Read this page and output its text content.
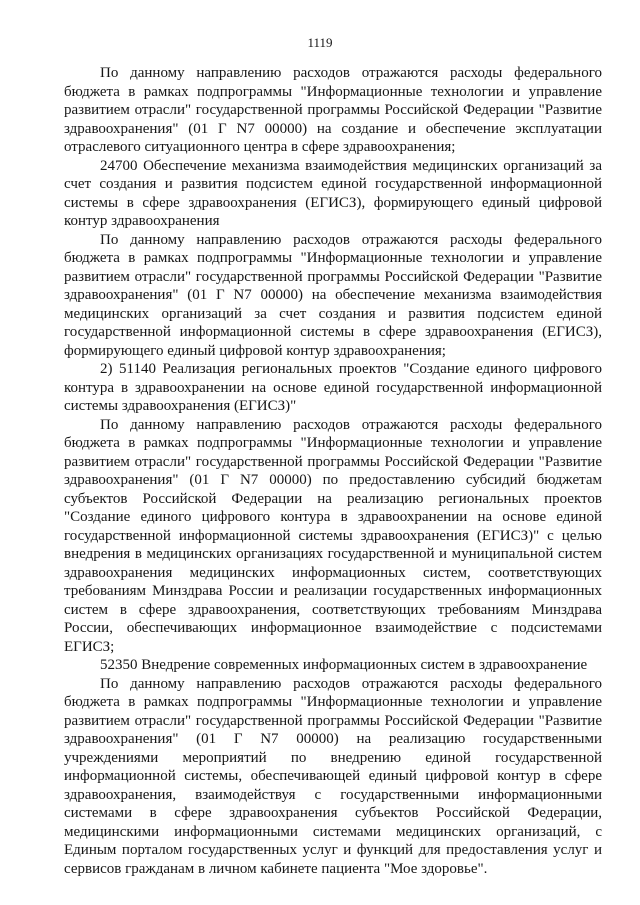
1119

По данному направлению расходов отражаются расходы федерального бюджета в рамках подпрограммы "Информационные технологии и управление развитием отрасли" государственной программы Российской Федерации "Развитие здравоохранения" (01 Г N7 00000) на создание и обеспечение эксплуатации отраслевого ситуационного центра в сфере здравоохранения;

24700 Обеспечение механизма взаимодействия медицинских организаций за счет создания и развития подсистем единой государственной информационной системы в сфере здравоохранения (ЕГИСЗ), формирующего единый цифровой контур здравоохранения

По данному направлению расходов отражаются расходы федерального бюджета в рамках подпрограммы "Информационные технологии и управление развитием отрасли" государственной программы Российской Федерации "Развитие здравоохранения" (01 Г N7 00000) на обеспечение механизма взаимодействия медицинских организаций за счет создания и развития подсистем единой государственной информационной системы в сфере здравоохранения (ЕГИСЗ), формирующего единый цифровой контур здравоохранения;

2) 51140 Реализация региональных проектов "Создание единого цифрового контура в здравоохранении на основе единой государственной информационной системы здравоохранения (ЕГИСЗ)"

По данному направлению расходов отражаются расходы федерального бюджета в рамках подпрограммы "Информационные технологии и управление развитием отрасли" государственной программы Российской Федерации "Развитие здравоохранения" (01 Г N7 00000) по предоставлению субсидий бюджетам субъектов Российской Федерации на реализацию региональных проектов "Создание единого цифрового контура в здравоохранении на основе единой государственной информационной системы здравоохранения (ЕГИСЗ)" с целью внедрения в медицинских организациях государственной и муниципальной систем здравоохранения медицинских информационных систем, соответствующих требованиям Минздрава России и реализации государственных информационных систем в сфере здравоохранения, соответствующих требованиям Минздрава России, обеспечивающих информационное взаимодействие с подсистемами ЕГИСЗ;

52350 Внедрение современных информационных систем в здравоохранение

По данному направлению расходов отражаются расходы федерального бюджета в рамках подпрограммы "Информационные технологии и управление развитием отрасли" государственной программы Российской Федерации "Развитие здравоохранения" (01 Г N7 00000) на реализацию государственными учреждениями мероприятий по внедрению единой государственной информационной системы, обеспечивающей единый цифровой контур в сфере здравоохранения, взаимодействуя с государственными информационными системами в сфере здравоохранения субъектов Российской Федерации, медицинскими информационными системами медицинских организаций, с Единым порталом государственных услуг и функций для предоставления услуг и сервисов гражданам в личном кабинете пациента "Мое здоровье".
